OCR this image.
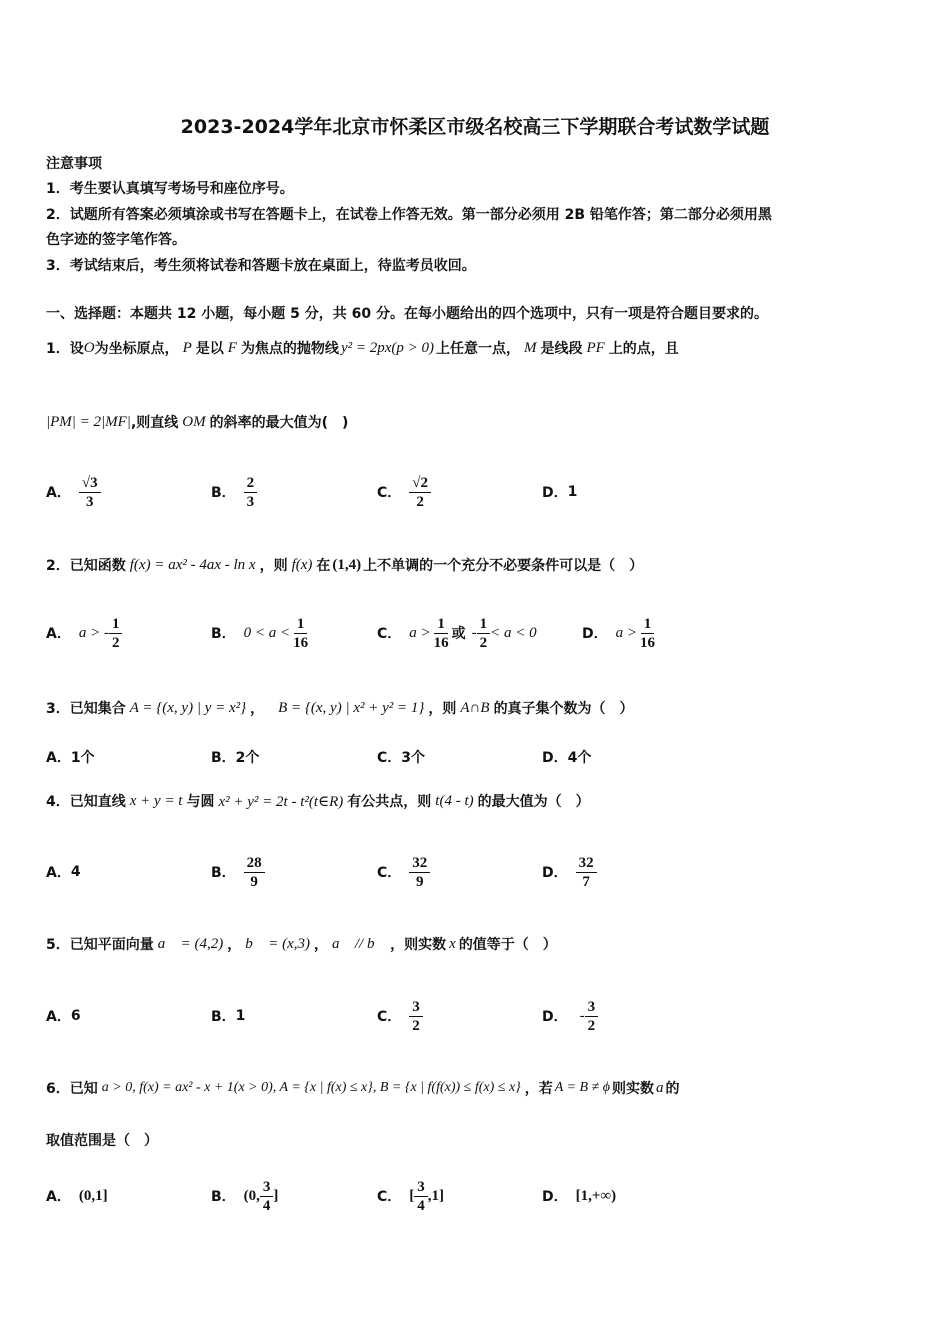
2023-2024学年北京市怀柔区市级名校高三下学期联合考试数学试题
注意事项
1．考生要认真填写考场号和座位序号。
2．试题所有答案必须填涂或书写在答题卡上，在试卷上作答无效。第一部分必须用 2B 铅笔作答；第二部分必须用黑
色字迹的签字笔作答。
3．考试结束后，考生须将试卷和答题卡放在桌面上，待监考员收回。
一、选择题：本题共 12 小题，每小题 5 分，共 60 分。在每小题给出的四个选项中，只有一项是符合题目要求的。
1．设 O 为坐标原点， P 是以 F 为焦点的抛物线 y² = 2px(p > 0) 上任意一点， M 是线段 PF 上的点，且
|PM| = 2|MF| ,则直线 OM 的斜率的最大值为(　)
A． $\frac{√3}{3}$	B． $\frac{2}{3}$	C． $\frac{√2}{2}$	D． 1
2．已知函数 f(x) = ax² - 4ax - ln x ，则 f(x) 在 (1,4) 上不单调的一个充分不必要条件可以是（　）
A． a > - $\frac{1}{2}$	B． $0 < a < \frac{1}{16}$	C． $a > \frac{1}{16}$ 或 - $\frac{1}{2} < a < 0$	D． $a > \frac{1}{16}$
3．已知集合 A = {(x, y) | y = x²} ， B = {(x, y) | x² + y² = 1} ，则 A∩B 的真子集个数为（　）
A．1个	B．2个	C．3个	D．4个
4．已知直线 x + y = t 与圆 x² + y² = 2t - t²(t∈R) 有公共点，则 t(4 - t) 的最大值为（　）
A． 4	B． $\frac{28}{9}$	C． $\frac{32}{9}$	D． $\frac{32}{7}$
5．已知平面向量 a⃗ = (4,2) ， b⃗ = (x,3) ， a⃗ // b⃗ ，则实数 x 的值等于（　）
A． 6	B． 1	C． $\frac{3}{2}$	D． - $\frac{3}{2}$
6．已知 a > 0, f(x) = ax² - x + 1(x > 0), A = {x | f(x) ≤ x}, B = {x | f(f(x)) ≤ f(x) ≤ x} ，若 A = B ≠ ϕ 则实数 a 的
取值范围是（　）
A． (0,1]	B． (0, $\frac{3}{4}$ ]	C． [ $\frac{3}{4} ,1$]	D． [1,+∞)
